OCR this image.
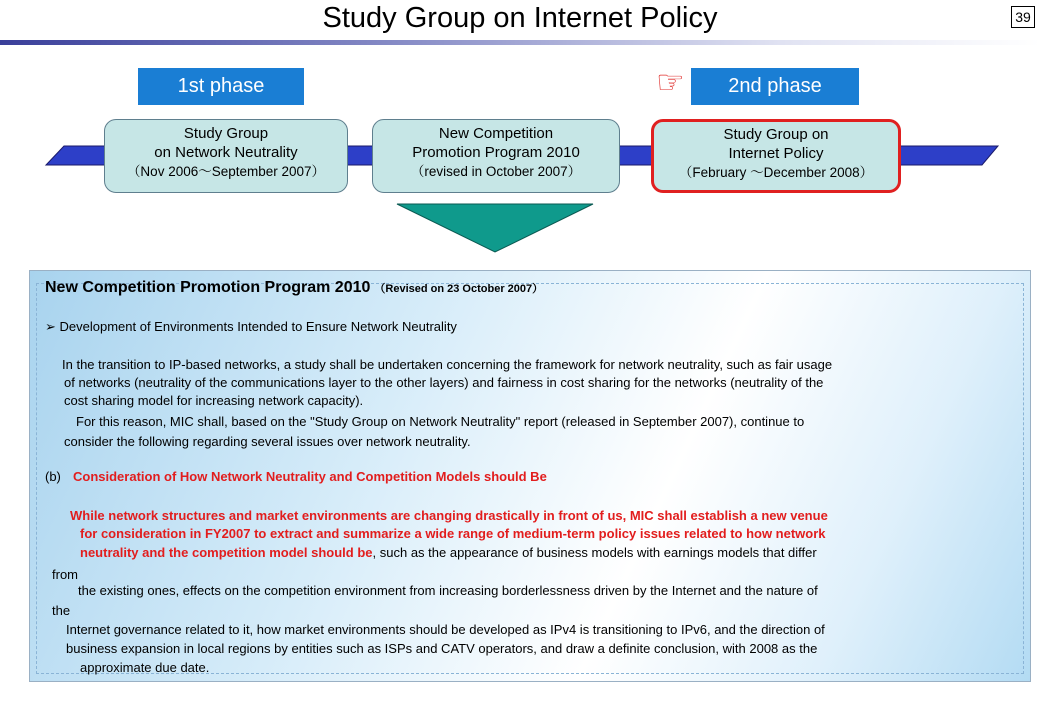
Study Group on Internet Policy	39
1st phase	2nd phase
☞
Study Group
on Network Neutrality
（Nov 2006～September 2007）
New Competition
Promotion Program 2010
（revised in October 2007）
Study Group on
Internet Policy
（February ～December 2008）
New Competition Promotion Program 2010 （Revised on 23 October 2007）
➢ Development of Environments Intended to Ensure Network Neutrality
In the transition to IP-based networks, a study shall be undertaken concerning the framework for network neutrality, such as fair usage
of networks (neutrality of the communications layer to the other layers) and fairness in cost sharing for the networks (neutrality of the
cost sharing model for increasing network capacity).
For this reason, MIC shall, based on the "Study Group on Network Neutrality" report (released in September 2007), continue to
consider the following regarding several issues over network neutrality.
(b) Consideration of How Network Neutrality and Competition Models should Be
While network structures and market environments are changing drastically in front of us, MIC shall establish a new venue
for consideration in FY2007 to extract and summarize a wide range of medium-term policy issues related to how network
neutrality and the competition model should be, such as the appearance of business models with earnings models that differ
from
the existing ones, effects on the competition environment from increasing borderlessness driven by the Internet and the nature of
the
Internet governance related to it, how market environments should be developed as IPv4 is transitioning to IPv6, and the direction of
business expansion in local regions by entities such as ISPs and CATV operators, and draw a definite conclusion, with 2008 as the
approximate due date.
